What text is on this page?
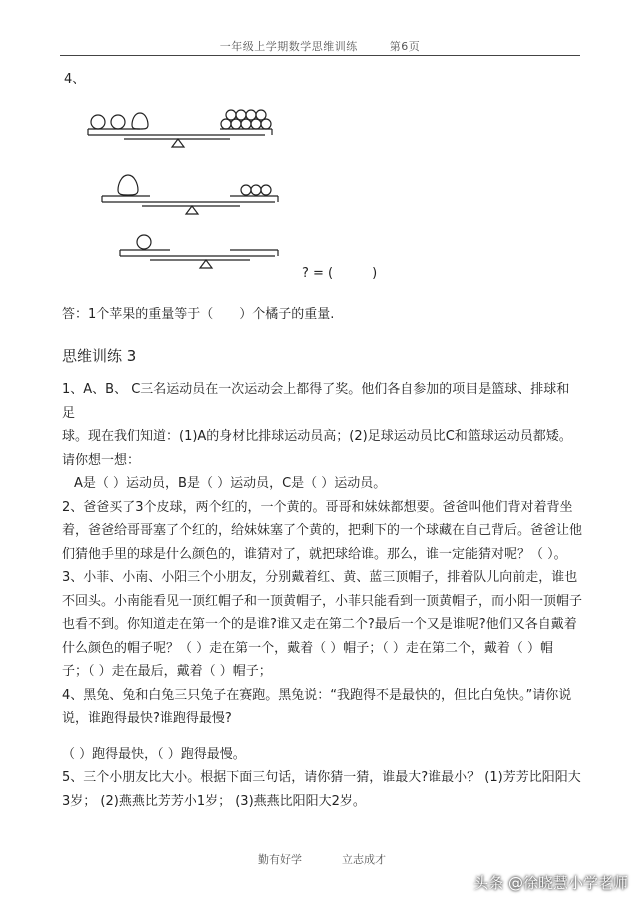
一年级上学期数学思维训练	第6页
4、
? = (　　　)
答：1个苹果的重量等于（　　）个橘子的重量.
思维训练 3

1、A、B、 C三名运动员在一次运动会上都得了奖。他们各自参加的项目是篮球、排球和足

球。现在我们知道：(1)A的身材比排球运动员高；(2)足球运动员比C和篮球运动员都矮。

请你想一想：

A是（ ）运动员，B是（ ）运动员，C是（ ）运动员。

2、爸爸买了3个皮球，两个红的，一个黄的。哥哥和妹妹都想要。爸爸叫他们背对着背坐

着，爸爸给哥哥塞了个红的，给妹妹塞了个黄的，把剩下的一个球藏在自己背后。爸爸让他

们猜他手里的球是什么颜色的，谁猜对了，就把球给谁。那么，谁一定能猜对呢？（ ）。

3、小菲、小南、小阳三个小朋友，分别戴着红、黄、蓝三顶帽子，排着队儿向前走，谁也

不回头。小南能看见一顶红帽子和一顶黄帽子，小菲只能看到一顶黄帽子，而小阳一顶帽子

也看不到。你知道走在第一个的是谁?谁又走在第二个?最后一个又是谁呢?他们又各自戴着

什么颜色的帽子呢？（ ）走在第一个，戴着（ ）帽子；（ ）走在第二个，戴着（ ）帽

子；（ ）走在最后，戴着（ ）帽子；

4、黑兔、兔和白兔三只兔子在赛跑。黑兔说：“我跑得不是最快的，但比白兔快。”请你说

说，谁跑得最快?谁跑得最慢?

（ ）跑得最快，（ ）跑得最慢。

5、三个小朋友比大小。根据下面三句话，请你猜一猜，谁最大?谁最小？ (1)芳芳比阳阳大

3岁； (2)燕燕比芳芳小1岁； (3)燕燕比阳阳大2岁。

勤有好学	立志成才
头条 @徐晓慧小学老师
